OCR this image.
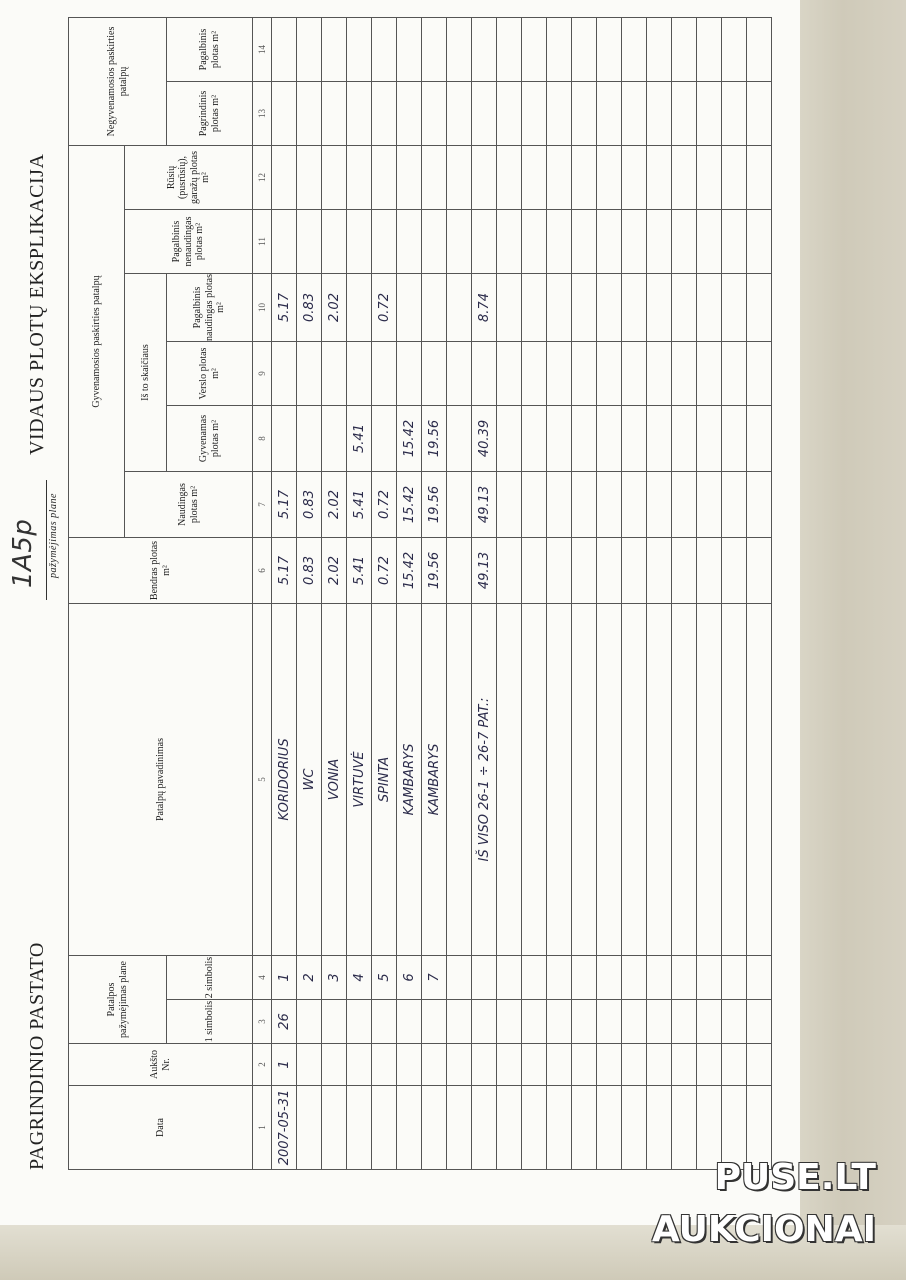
PAGRINDINIO PASTATO
1A5p pažymėjimas plane
VIDAUS PLOTŲ EKSPLIKACIJA
Data	Aukšto Nr.	Patalpos pažymėjimas plane		Patalpų pavadinimas	Bendras plotas m²	Gyvenamosios paskirties patalpų						Negyvenamosios paskirties patalpų	
						Naudingas plotas m²	Iš to skaičiaus			Pagalbinis nenaudingas plotas m²	Rūsių (pusrūsių), garažų plotas m²		
		1 simbolis	2 simbolis				Gyvenamas plotas m²	Verslo plotas m²	Pagalbinis naudingas plotas m²			Pagrindinis plotas m²	Pagalbinis plotas m²
1	2	3	4	5	6	7	8	9	10	11	12	13	14
2007-05-31	1	26	1	KORIDORIUS	5.17	5.17			5.17				
			2	WC	0.83	0.83			0.83				
			3	VONIA	2.02	2.02			2.02				
			4	VIRTUVĖ	5.41	5.41	5.41						
			5	SPINTA	0.72	0.72			0.72				
			6	KAMBARYS	15.42	15.42	15.42						
			7	KAMBARYS	19.56	19.56	19.56						

				IŠ VISO 26-1 ÷ 26-7 PAT.:	49.13	49.13	40.39		8.74				

PUSE.LT
AUKCIONAI
